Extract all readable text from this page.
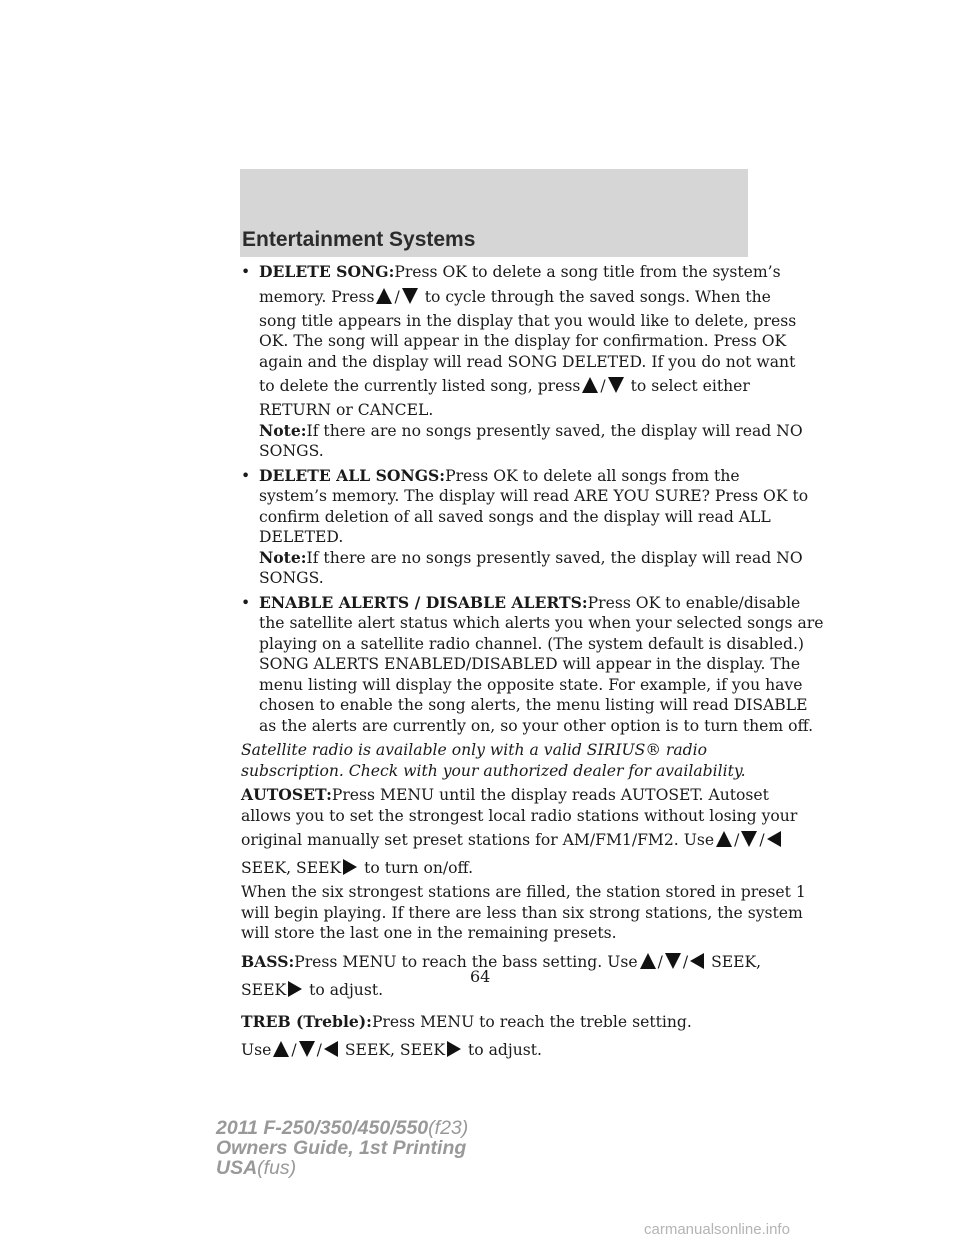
Entertainment Systems
• DELETE SONG:Press OK to delete a song title from the system’s
memory. Press / to cycle through the saved songs. When the
song title appears in the display that you would like to delete, press
OK. The song will appear in the display for confirmation. Press OK
again and the display will read SONG DELETED. If you do not want
to delete the currently listed song, press / to select either
RETURN or CANCEL.
Note:If there are no songs presently saved, the display will read NO
SONGS.
• DELETE ALL SONGS:Press OK to delete all songs from the
system’s memory. The display will read ARE YOU SURE? Press OK to
confirm deletion of all saved songs and the display will read ALL
DELETED.
Note:If there are no songs presently saved, the display will read NO
SONGS.
• ENABLE ALERTS / DISABLE ALERTS:Press OK to enable/disable
the satellite alert status which alerts you when your selected songs are
playing on a satellite radio channel. (The system default is disabled.)
SONG ALERTS ENABLED/DISABLED will appear in the display. The
menu listing will display the opposite state. For example, if you have
chosen to enable the song alerts, the menu listing will read DISABLE
as the alerts are currently on, so your other option is to turn them off.

Satellite radio is available only with a valid SIRIUS® radio
subscription. Check with your authorized dealer for availability.

AUTOSET:Press MENU until the display reads AUTOSET. Autoset
allows you to set the strongest local radio stations without losing your
original manually set preset stations for AM/FM1/FM2. Use / /
SEEK, SEEK to turn on/off.
When the six strongest stations are filled, the station stored in preset 1
will begin playing. If there are less than six strong stations, the system
will store the last one in the remaining presets.

BASS:Press MENU to reach the bass setting. Use / / SEEK,
SEEK to adjust.

TREB (Treble):Press MENU to reach the treble setting.
Use / / SEEK, SEEK to adjust.

64
2011 F-250/350/450/550(f23)
Owners Guide, 1st Printing
USA(fus)
carmanualsonline.info
